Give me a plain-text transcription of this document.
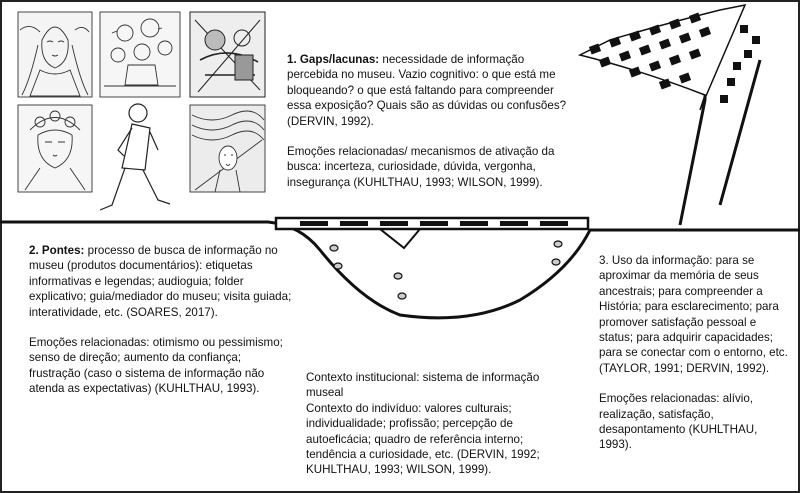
1. Gaps/lacunas: necessidade de informação percebida no museu. Vazio cognitivo: o que está me bloqueando? o que está faltando para compreender essa exposição? Quais são as dúvidas ou confusões? (DERVIN, 1992).

Emoções relacionadas/ mecanismos de ativação da busca: incerteza, curiosidade, dúvida, vergonha, insegurança (KUHLTHAU, 1993; WILSON, 1999).

2. Pontes: processo de busca de informação no museu (produtos documentários): etiquetas informativas e legendas; audioguia; folder explicativo; guia/mediador do museu; visita guiada; interatividade, etc. (SOARES, 2017).

Emoções relacionadas: otimismo ou pessimismo; senso de direção; aumento da confiança; frustração (caso o sistema de informação não atenda as expectativas) (KUHLTHAU, 1993).

3. Uso da informação: para se aproximar da memória de seus ancestrais; para compreender a História; para esclarecimento; para promover satisfação pessoal e status; para adquirir capacidades; para se conectar com o entorno, etc. (TAYLOR, 1991; DERVIN, 1992).

Emoções relacionadas: alívio, realização, satisfação, desapontamento (KUHLTHAU, 1993).

Contexto institucional: sistema de informação museal

Contexto do indivíduo: valores culturais; individualidade; profissão; percepção de autoeficácia; quadro de referência interno; tendência a curiosidade, etc. (DERVIN, 1992; KUHLTHAU, 1993; WILSON, 1999).
